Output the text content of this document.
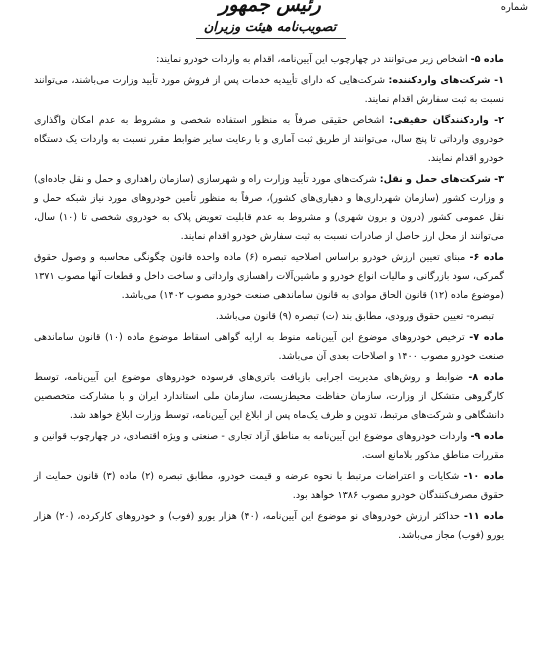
شماره
رئیس جمهور
تصویب‌نامه هیئت وزیران

ماده ۵- اشخاص زیر می‌توانند در چهارچوب این آیین‌نامه، اقدام به واردات خودرو نمایند:

۱- شرکت‌های واردکننده: شرکت‌هایی که دارای تأییدیه خدمات پس از فروش مورد تأیید وزارت می‌باشند، می‌توانند نسبت به ثبت سفارش اقدام نمایند.

۲- واردکنندگان حقیقی: اشخاص حقیقی صرفاً به منظور استفاده شخصی و مشروط به عدم امکان واگذاری خودروی وارداتی تا پنج سال، می‌توانند از طریق ثبت آماری و با رعایت سایر ضوابط مقرر نسبت به واردات یک دستگاه خودرو اقدام نمایند.

۳- شرکت‌های حمل و نقل: شرکت‌های مورد تأیید وزارت راه و شهرسازی (سازمان راهداری و حمل و نقل جاده‌ای) و وزارت کشور (سازمان شهرداری‌ها و دهیاری‌های کشور)، صرفاً به منظور تأمین خودروهای مورد نیاز شبکه حمل و نقل عمومی کشور (درون و برون شهری) و مشروط به عدم قابلیت تعویض پلاک به خودروی شخصی تا (۱۰) سال، می‌توانند از محل ارز حاصل از صادرات نسبت به ثبت سفارش خودرو اقدام نمایند.

ماده ۶- مبنای تعیین ارزش خودرو براساس اصلاحیه تبصره (۶) ماده واحده قانون چگونگی محاسبه و وصول حقوق گمرکی، سود بازرگانی و مالیات انواع خودرو و ماشین‌آلات راهسازی وارداتی و ساخت داخل و قطعات آنها مصوب ۱۳۷۱ (موضوع ماده (۱۲) قانون الحاق موادی به قانون ساماندهی صنعت خودرو مصوب ۱۴۰۲) می‌باشد.

تبصره- تعیین حقوق ورودی، مطابق بند (ت) تبصره (۹) قانون می‌باشد.

ماده ۷- ترخیص خودروهای موضوع این آیین‌نامه منوط به ارایه گواهی اسقاط موضوع ماده (۱۰) قانون ساماندهی صنعت خودرو مصوب ۱۴۰۰ و اصلاحات بعدی آن می‌باشد.

ماده ۸- ضوابط و روش‌های مدیریت اجرایی بازیافت باتری‌های فرسوده خودروهای موضوع این آیین‌نامه، توسط کارگروهی متشکل از وزارت، سازمان حفاظت محیط‌زیست، سازمان ملی استاندارد ایران و با مشارکت متخصصین دانشگاهی و شرکت‌های مرتبط، تدوین و ظرف یک‌ماه پس از ابلاغ این آیین‌نامه، توسط وزارت ابلاغ خواهد شد.

ماده ۹- واردات خودروهای موضوع این آیین‌نامه به مناطق آزاد تجاری - صنعتی و ویژه اقتصادی، در چهارچوب قوانین و مقررات مناطق مذکور بلامانع است.

ماده ۱۰- شکایات و اعتراضات مرتبط با نحوه عرضه و قیمت خودرو، مطابق تبصره (۲) ماده (۳) قانون حمایت از حقوق مصرف‌کنندگان خودرو مصوب ۱۳۸۶ خواهد بود.

ماده ۱۱- حداکثر ارزش خودروهای نو موضوع این آیین‌نامه، (۴۰) هزار یورو (فوب) و خودروهای کارکرده، (۲۰) هزار یورو (فوب) مجاز می‌باشد.
